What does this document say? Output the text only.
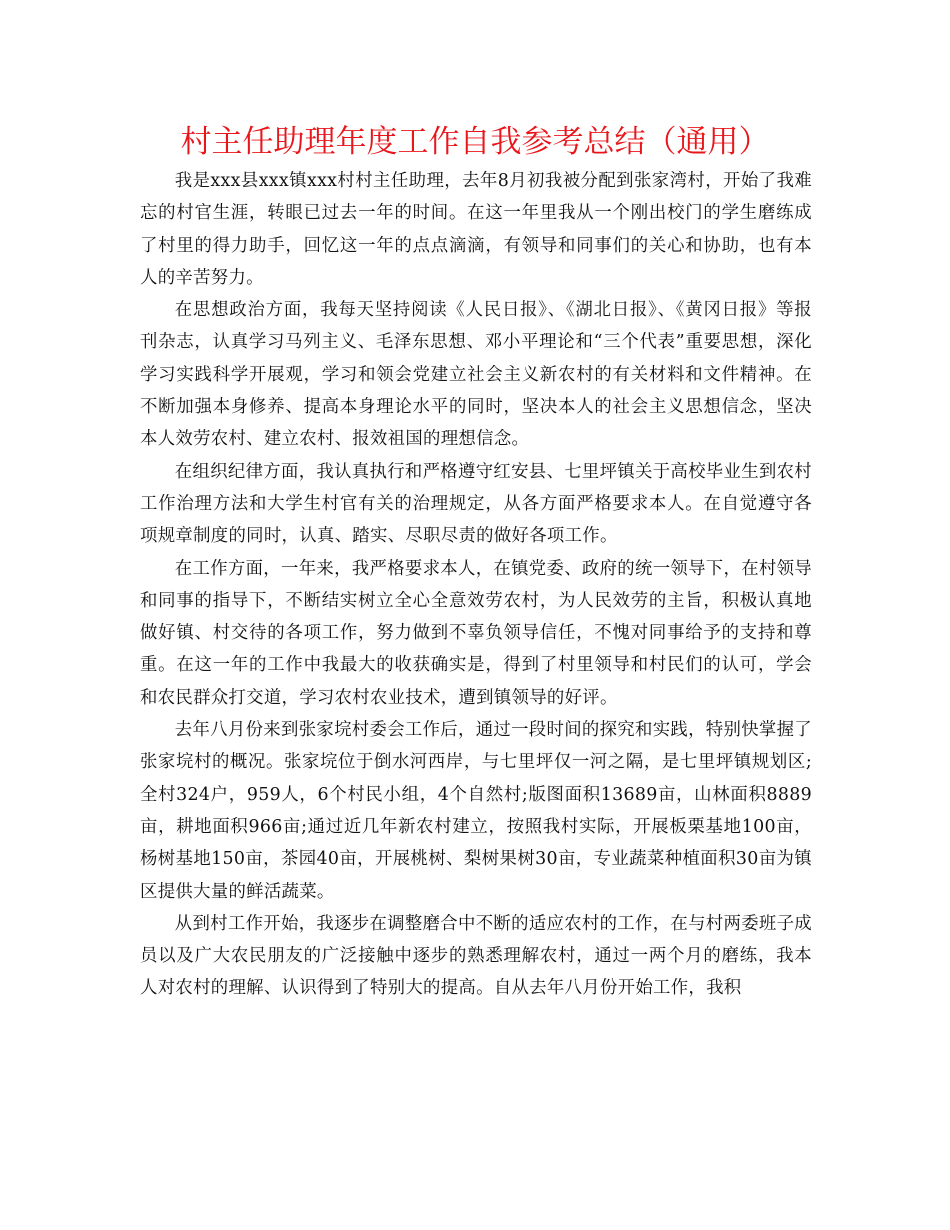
村主任助理年度工作自我参考总结（通用）

我是xxx县xxx镇xxx村村主任助理，去年8月初我被分配到张家湾村，开始了我难忘的村官生涯，转眼已过去一年的时间。在这一年里我从一个刚出校门的学生磨练成了村里的得力助手，回忆这一年的点点滴滴，有领导和同事们的关心和协助，也有本人的辛苦努力。

在思想政治方面，我每天坚持阅读《人民日报》、《湖北日报》、《黄冈日报》等报刊杂志，认真学习马列主义、毛泽东思想、邓小平理论和“三个代表”重要思想，深化学习实践科学开展观，学习和领会党建立社会主义新农村的有关材料和文件精神。在不断加强本身修养、提高本身理论水平的同时，坚决本人的社会主义思想信念，坚决本人效劳农村、建立农村、报效祖国的理想信念。

在组织纪律方面，我认真执行和严格遵守红安县、七里坪镇关于高校毕业生到农村工作治理方法和大学生村官有关的治理规定，从各方面严格要求本人。在自觉遵守各项规章制度的同时，认真、踏实、尽职尽责的做好各项工作。

在工作方面，一年来，我严格要求本人，在镇党委、政府的统一领导下，在村领导和同事的指导下，不断结实树立全心全意效劳农村，为人民效劳的主旨，积极认真地做好镇、村交待的各项工作，努力做到不辜负领导信任，不愧对同事给予的支持和尊重。在这一年的工作中我最大的收获确实是，得到了村里领导和村民们的认可，学会和农民群众打交道，学习农村农业技术，遭到镇领导的好评。

去年八月份来到张家垸村委会工作后，通过一段时间的探究和实践，特别快掌握了张家垸村的概况。张家垸位于倒水河西岸，与七里坪仅一河之隔，是七里坪镇规划区;全村324户，959人，6个村民小组，4个自然村;版图面积13689亩，山林面积8889亩，耕地面积966亩;通过近几年新农村建立，按照我村实际，开展板栗基地100亩，杨树基地150亩，茶园40亩，开展桃树、梨树果树30亩，专业蔬菜种植面积30亩为镇区提供大量的鲜活蔬菜。

从到村工作开始，我逐步在调整磨合中不断的适应农村的工作，在与村两委班子成员以及广大农民朋友的广泛接触中逐步的熟悉理解农村，通过一两个月的磨练，我本人对农村的理解、认识得到了特别大的提高。自从去年八月份开始工作，我积
